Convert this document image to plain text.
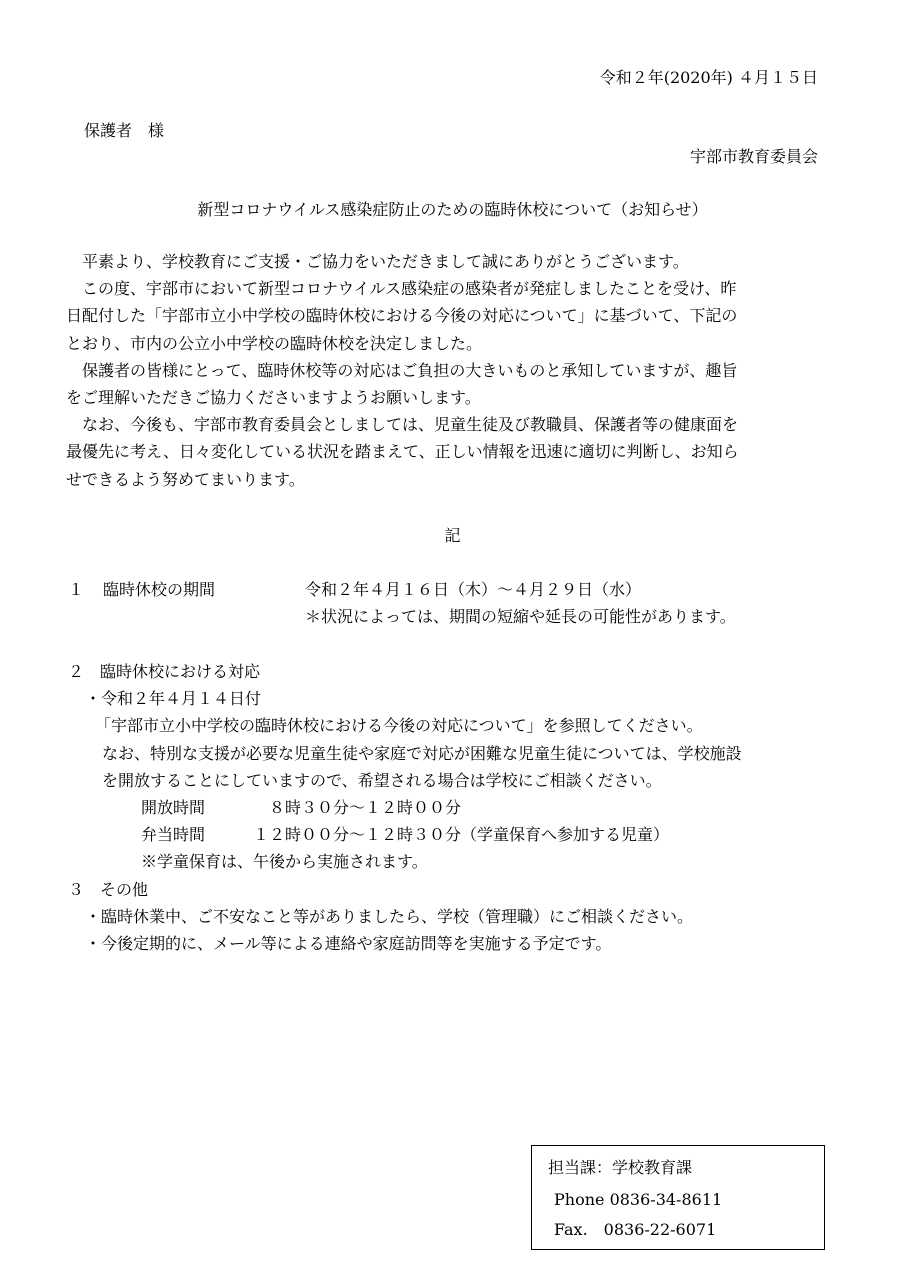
令和２年(2020年) ４月１５日
保護者　様
宇部市教育委員会
新型コロナウイルス感染症防止のための臨時休校について（お知らせ）
　平素より、学校教育にご支援・ご協力をいただきまして誠にありがとうございます。
　この度、宇部市において新型コロナウイルス感染症の感染者が発症しましたことを受け、昨
日配付した「宇部市立小中学校の臨時休校における今後の対応について」に基づいて、下記の
とおり、市内の公立小中学校の臨時休校を決定しました。
　保護者の皆様にとって、臨時休校等の対応はご負担の大きいものと承知していますが、趣旨
をご理解いただきご協力くださいますようお願いします。
　なお、今後も、宇部市教育委員会としましては、児童生徒及び教職員、保護者等の健康面を
最優先に考え、日々変化している状況を踏まえて、正しい情報を迅速に適切に判断し、お知ら
せできるよう努めてまいります。
記
１ 臨時休校の期間	令和２年４月１６日（木）～４月２９日（水）
＊状況によっては、期間の短縮や延長の可能性があります。
２　臨時休校における対応
・令和２年４月１４日付
「宇部市立小中学校の臨時休校における今後の対応について」を参照してください。
なお、特別な支援が必要な児童生徒や家庭で対応が困難な児童生徒については、学校施設
を開放することにしていますので、希望される場合は学校にご相談ください。
開放時間	８時３０分～１２時００分
弁当時間	１２時００分～１２時３０分（学童保育へ参加する児童）
※学童保育は、午後から実施されます。
３　その他
・臨時休業中、ご不安なこと等がありましたら、学校（管理職）にご相談ください。
・今後定期的に、メール等による連絡や家庭訪問等を実施する予定です。
担当課：学校教育課
Phone 0836-34-8611
Fax.　0836-22-6071
